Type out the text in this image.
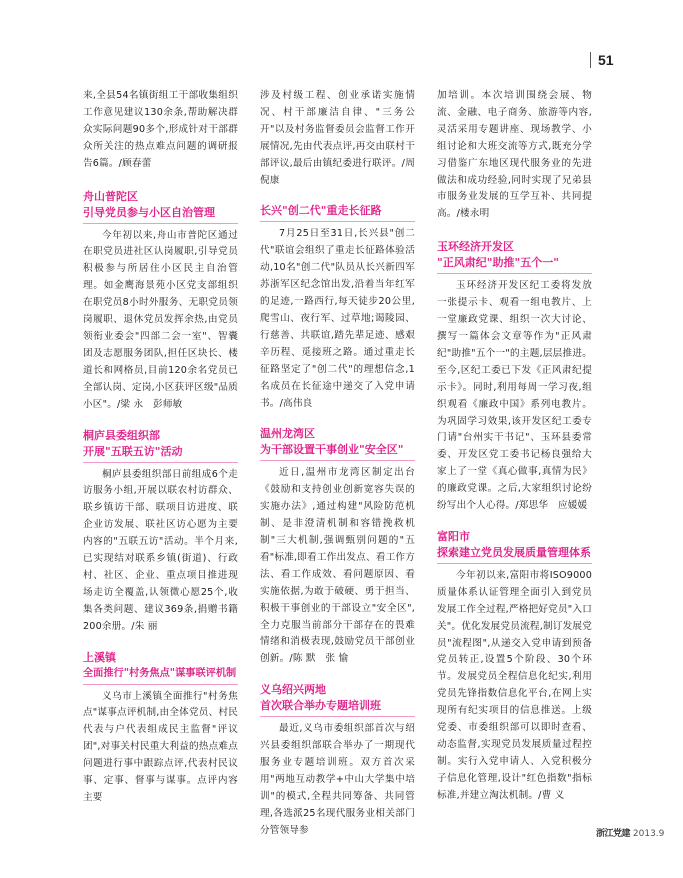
51

来,全县54名镇街组工干部收集组织工作意见建议130余条,帮助解决群众实际问题90多个,形成针对干部群众所关注的热点难点问题的调研报告6篇。/顾春蕾

舟山普陀区

引导党员参与小区自治管理

今年初以来,舟山市普陀区通过在职党员进社区认岗履职,引导党员积极参与所居住小区民主自治管理。如金鹰海景苑小区党支部组织在职党员8小时外服务、无职党员领岗履职、退休党员发挥余热,由党员领衔业委会"四部二会一室"、智囊团及志愿服务团队,担任区块长、楼道长和网格员,目前120余名党员已全部认岗、定岗,小区获评区级"品质小区"。/梁 永　彭师敏

桐庐县委组织部

开展"五联五访"活动

桐庐县委组织部日前组成6个走访服务小组,开展以联农村访群众、联乡镇访干部、联项目访进度、联企业访发展、联社区访心愿为主要内容的"五联五访"活动。半个月来,已实现结对联系乡镇(街道)、行政村、社区、企业、重点项目推进现场走访全覆盖,认领微心愿25个,收集各类问题、建议369条,捐赠书籍200余册。/朱 丽

上溪镇

全面推行"村务焦点"谋事联评机制

义乌市上溪镇全面推行"村务焦点"谋事点评机制,由全体党员、村民代表与户代表组成民主监督"评议团",对事关村民重大利益的热点难点问题进行事中跟踪点评,代表村民议事、定事、督事与谋事。点评内容主要

涉及村级工程、创业承诺实施情况、村干部廉洁自律、"三务公开"以及村务监督委员会监督工作开展情况,先由代表点评,再交由联村干部评议,最后由镇纪委进行联评。/周倪康

长兴"创二代"重走长征路

7月25日至31日,长兴县"创二代"联谊会组织了重走长征路体验活动,10名"创二代"队员从长兴新四军苏浙军区纪念馆出发,沿着当年红军的足迹,一路西行,每天徒步20公里,爬雪山、夜行军、过草地;谒陵园、行慈善、共联谊,踏先辈足迹、感艰辛历程、觅接班之路。通过重走长征路坚定了"创二代"的理想信念,1名成员在长征途中递交了入党申请书。/高伟良

温州龙湾区

为干部设置干事创业"安全区"

近日,温州市龙湾区制定出台《鼓励和支持创业创新宽容失误的实施办法》,通过构建"风险防范机制、是非澄清机制和容错挽救机制"三大机制,强调甄别问题的"五看"标准,即看工作出发点、看工作方法、看工作成效、看问题原因、看实施依据,为敢于破硬、勇于担当、积极干事创业的干部设立"安全区",全力克服当前部分干部存在的畏难情绪和消极表现,鼓励党员干部创业创新。/陈 默　张 愉

义乌绍兴两地

首次联合举办专题培训班

最近,义乌市委组织部首次与绍兴县委组织部联合举办了一期现代服务业专题培训班。双方首次采用"两地互动教学+中山大学集中培训"的模式,全程共同筹备、共同管理,各选派25名现代服务业相关部门分管领导参

加培训。本次培训围绕会展、物流、金融、电子商务、旅游等内容,灵活采用专题讲座、现场教学、小组讨论和大班交流等方式,既充分学习借鉴广东地区现代服务业的先进做法和成功经验,同时实现了兄弟县市服务业发展的互学互补、共同提高。/楼永明

玉环经济开发区

"正风肃纪"助推"五个一"

玉环经济开发区纪工委将发放一张提示卡、观看一组电教片、上一堂廉政党课、组织一次大讨论、撰写一篇体会文章等作为"正风肃纪"助推"五个一"的主题,层层推进。至今,区纪工委已下发《正风肃纪提示卡》。同时,利用每周一学习夜,组织观看《廉政中国》系列电教片。为巩固学习效果,该开发区纪工委专门请"台州实干书记"、玉环县委常委、开发区党工委书记杨良强给大家上了一堂《真心做事,真情为民》的廉政党课。之后,大家组织讨论纷纷写出个人心得。/郑思华　应媛媛

富阳市

探索建立党员发展质量管理体系

今年初以来,富阳市将ISO9000质量体系认证管理全面引入到党员发展工作全过程,严格把好党员"入口关"。优化发展党员流程,制订发展党员"流程图",从递交入党申请到预备党员转正,设置5个阶段、30个环节。发展党员全程信息化纪实,利用党员先锋指数信息化平台,在网上实现所有纪实项目的信息推送。上级党委、市委组织部可以即时查看、动态监督,实现党员发展质量过程控制。实行入党申请人、入党积极分子信息化管理,设计"红色指数"指标标准,并建立淘汰机制。/曹 义

浙江党建 2013.9
